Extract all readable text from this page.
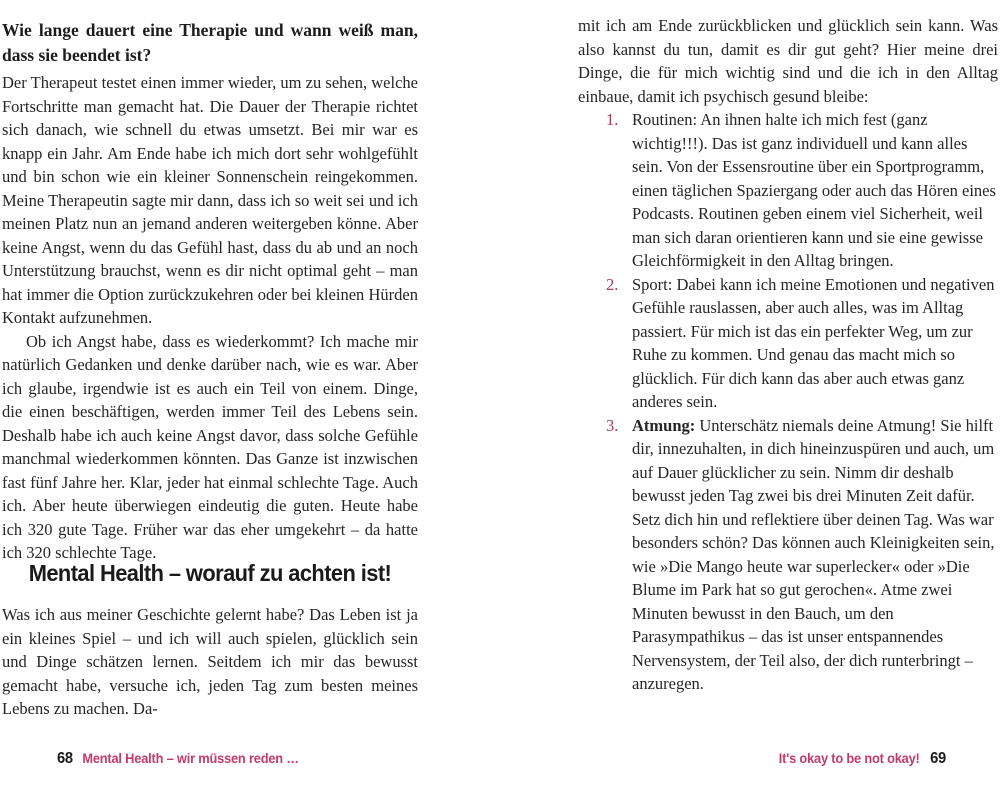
Wie lange dauert eine Therapie und wann weiß man, dass sie beendet ist?

Der Therapeut testet einen immer wieder, um zu sehen, welche Fortschritte man gemacht hat. Die Dauer der Therapie richtet sich danach, wie schnell du etwas umsetzt. Bei mir war es knapp ein Jahr. Am Ende habe ich mich dort sehr wohlgefühlt und bin schon wie ein kleiner Sonnenschein reingekommen. Meine Therapeutin sagte mir dann, dass ich so weit sei und ich meinen Platz nun an jemand anderen weitergeben könne. Aber keine Angst, wenn du das Gefühl hast, dass du ab und an noch Unterstützung brauchst, wenn es dir nicht optimal geht – man hat immer die Option zurückzukehren oder bei kleinen Hürden Kontakt aufzunehmen.

Ob ich Angst habe, dass es wiederkommt? Ich mache mir natürlich Gedanken und denke darüber nach, wie es war. Aber ich glaube, irgendwie ist es auch ein Teil von einem. Dinge, die einen beschäftigen, werden immer Teil des Lebens sein. Deshalb habe ich auch keine Angst davor, dass solche Gefühle manchmal wiederkommen könnten. Das Ganze ist inzwischen fast fünf Jahre her. Klar, jeder hat einmal schlechte Tage. Auch ich. Aber heute überwiegen eindeutig die guten. Heute habe ich 320 gute Tage. Früher war das eher umgekehrt – da hatte ich 320 schlechte Tage.

Mental Health – worauf zu achten ist!

Was ich aus meiner Geschichte gelernt habe? Das Leben ist ja ein kleines Spiel – und ich will auch spielen, glücklich sein und Dinge schätzen lernen. Seitdem ich mir das bewusst gemacht habe, versuche ich, jeden Tag zum besten meines Lebens zu machen. Da-

68 Mental Health – wir müssen reden …

mit ich am Ende zurückblicken und glücklich sein kann. Was also kannst du tun, damit es dir gut geht? Hier meine drei Dinge, die für mich wichtig sind und die ich in den Alltag einbaue, damit ich psychisch gesund bleibe:

1. Routinen: An ihnen halte ich mich fest (ganz wichtig!!!). Das ist ganz individuell und kann alles sein. Von der Essensroutine über ein Sportprogramm, einen täglichen Spaziergang oder auch das Hören eines Podcasts. Routinen geben einem viel Sicherheit, weil man sich daran orientieren kann und sie eine gewisse Gleichförmigkeit in den Alltag bringen.
2. Sport: Dabei kann ich meine Emotionen und negativen Gefühle rauslassen, aber auch alles, was im Alltag passiert. Für mich ist das ein perfekter Weg, um zur Ruhe zu kommen. Und genau das macht mich so glücklich. Für dich kann das aber auch etwas ganz anderes sein.
3. Atmung: Unterschätz niemals deine Atmung! Sie hilft dir, innezuhalten, in dich hineinzuspüren und auch, um auf Dauer glücklicher zu sein. Nimm dir deshalb bewusst jeden Tag zwei bis drei Minuten Zeit dafür. Setz dich hin und reflektiere über deinen Tag. Was war besonders schön? Das können auch Kleinigkeiten sein, wie »Die Mango heute war superlecker« oder »Die Blume im Park hat so gut gerochen«. Atme zwei Minuten bewusst in den Bauch, um den Parasympathikus – das ist unser entspannendes Nervensystem, der Teil also, der dich runterbringt – anzuregen.
It's okay to be not okay! 69
